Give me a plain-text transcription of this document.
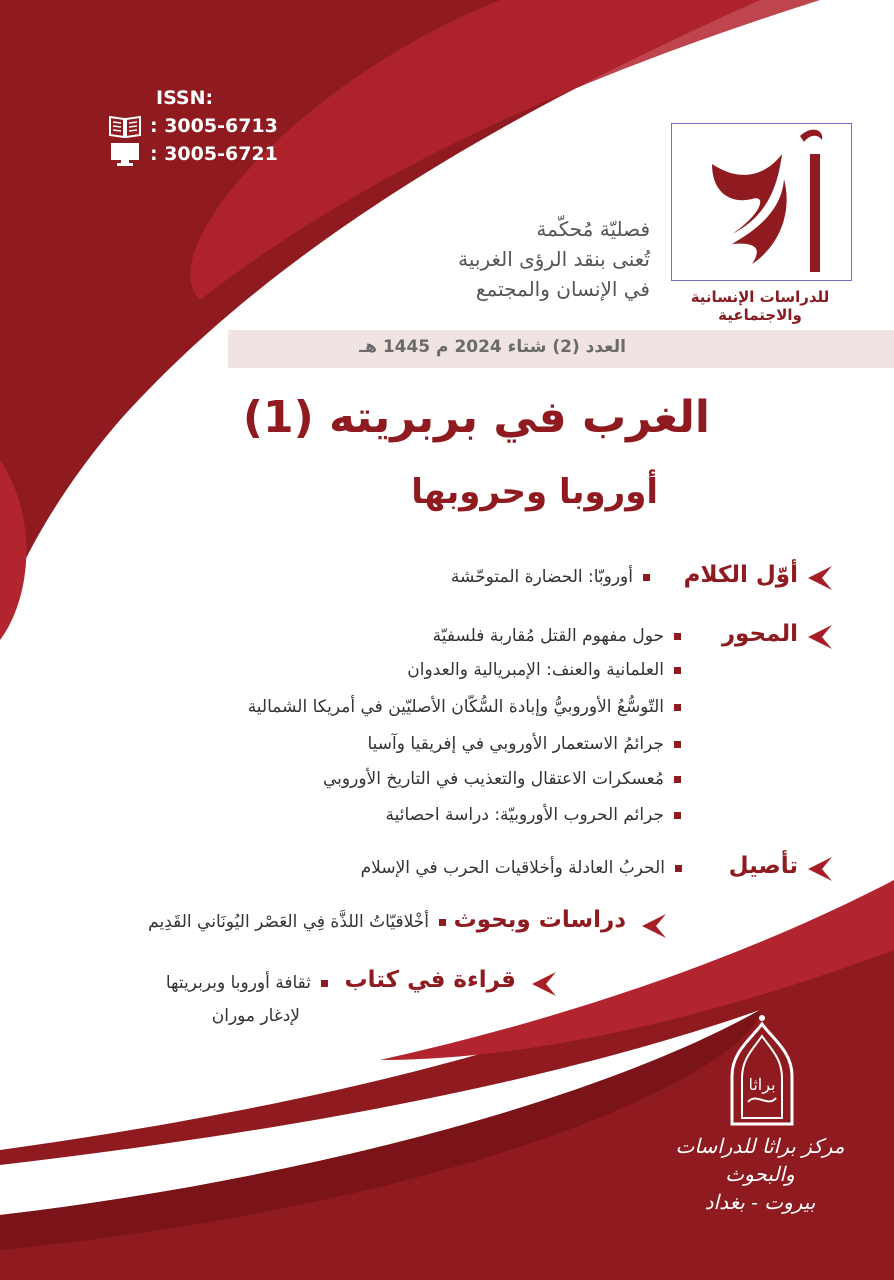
ISSN:
: 3005-6713
: 3005-6721
للدراسات الإنسانية والاجتماعية
فصليّة مُحكّمة
تُعنى بنقد الرؤى الغربية
في الإنسان والمجتمع
العدد (2) شتاء 2024 م 1445 هـ
الغرب في بربريته (1)
أوروبا وحروبها
أوّل الكلام
أوروبّا: الحضارة المتوحّشة
المحور
حول مفهوم القتل مُقاربة فلسفيّة
العلمانية والعنف: الإمبريالية والعدوان
التّوسُّعُ الأوروبيُّ وإبادة السُّكّان الأصليّين في أمريكا الشمالية
جرائمُ الاستعمار الأوروبي في إفريقيا وآسيا
مُعسكرات الاعتقال والتعذيب في التاريخ الأوروبي
جرائم الحروب الأوروبيّة: دراسة احصائية
تأصيل
الحربُ العادلة وأخلاقيات الحرب في الإسلام
دراسات وبحوث
أخْلاقيّاتُ اللذَّة فِي العَصْر اليُونَاني القَدِيم
قراءة في كتاب
ثقافة أوروبا وبربريتها
لإدغار موران
براثا
مركز براثا للدراسات والبحوث
بيروت - بغداد
